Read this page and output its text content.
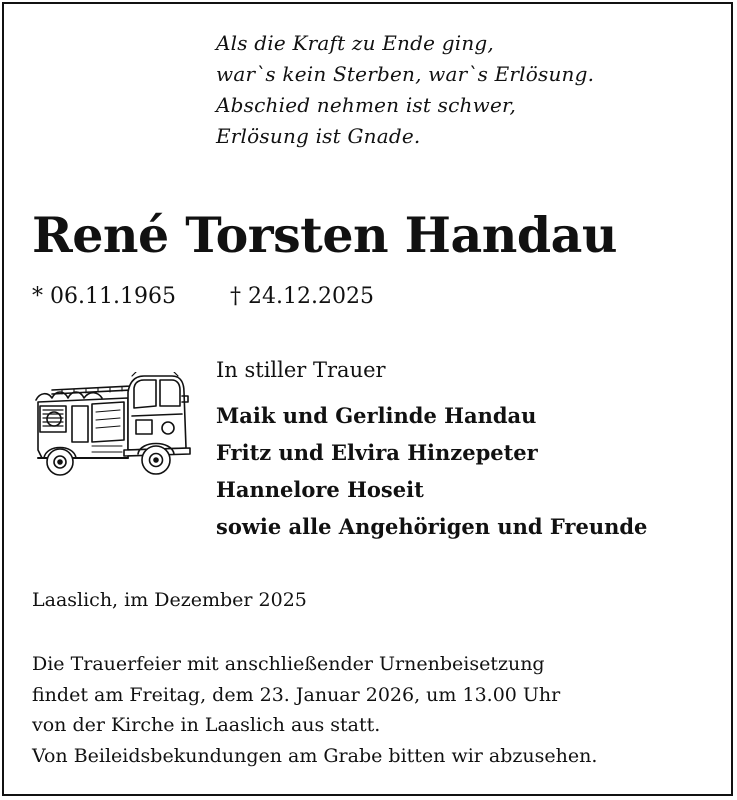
Als die Kraft zu Ende ging,
war`s kein Sterben, war`s Erlösung.
Abschied nehmen ist schwer,
Erlösung ist Gnade.
René Torsten Handau
* 06.11.1965 † 24.12.2025
In stiller Trauer
Maik und Gerlinde Handau
Fritz und Elvira Hinzepeter
Hannelore Hoseit
sowie alle Angehörigen und Freunde
Laaslich, im Dezember 2025
Die Trauerfeier mit anschließender Urnenbeisetzung
findet am Freitag, dem 23. Januar 2026, um 13.00 Uhr
von der Kirche in Laaslich aus statt.
Von Beileidsbekundungen am Grabe bitten wir abzusehen.
